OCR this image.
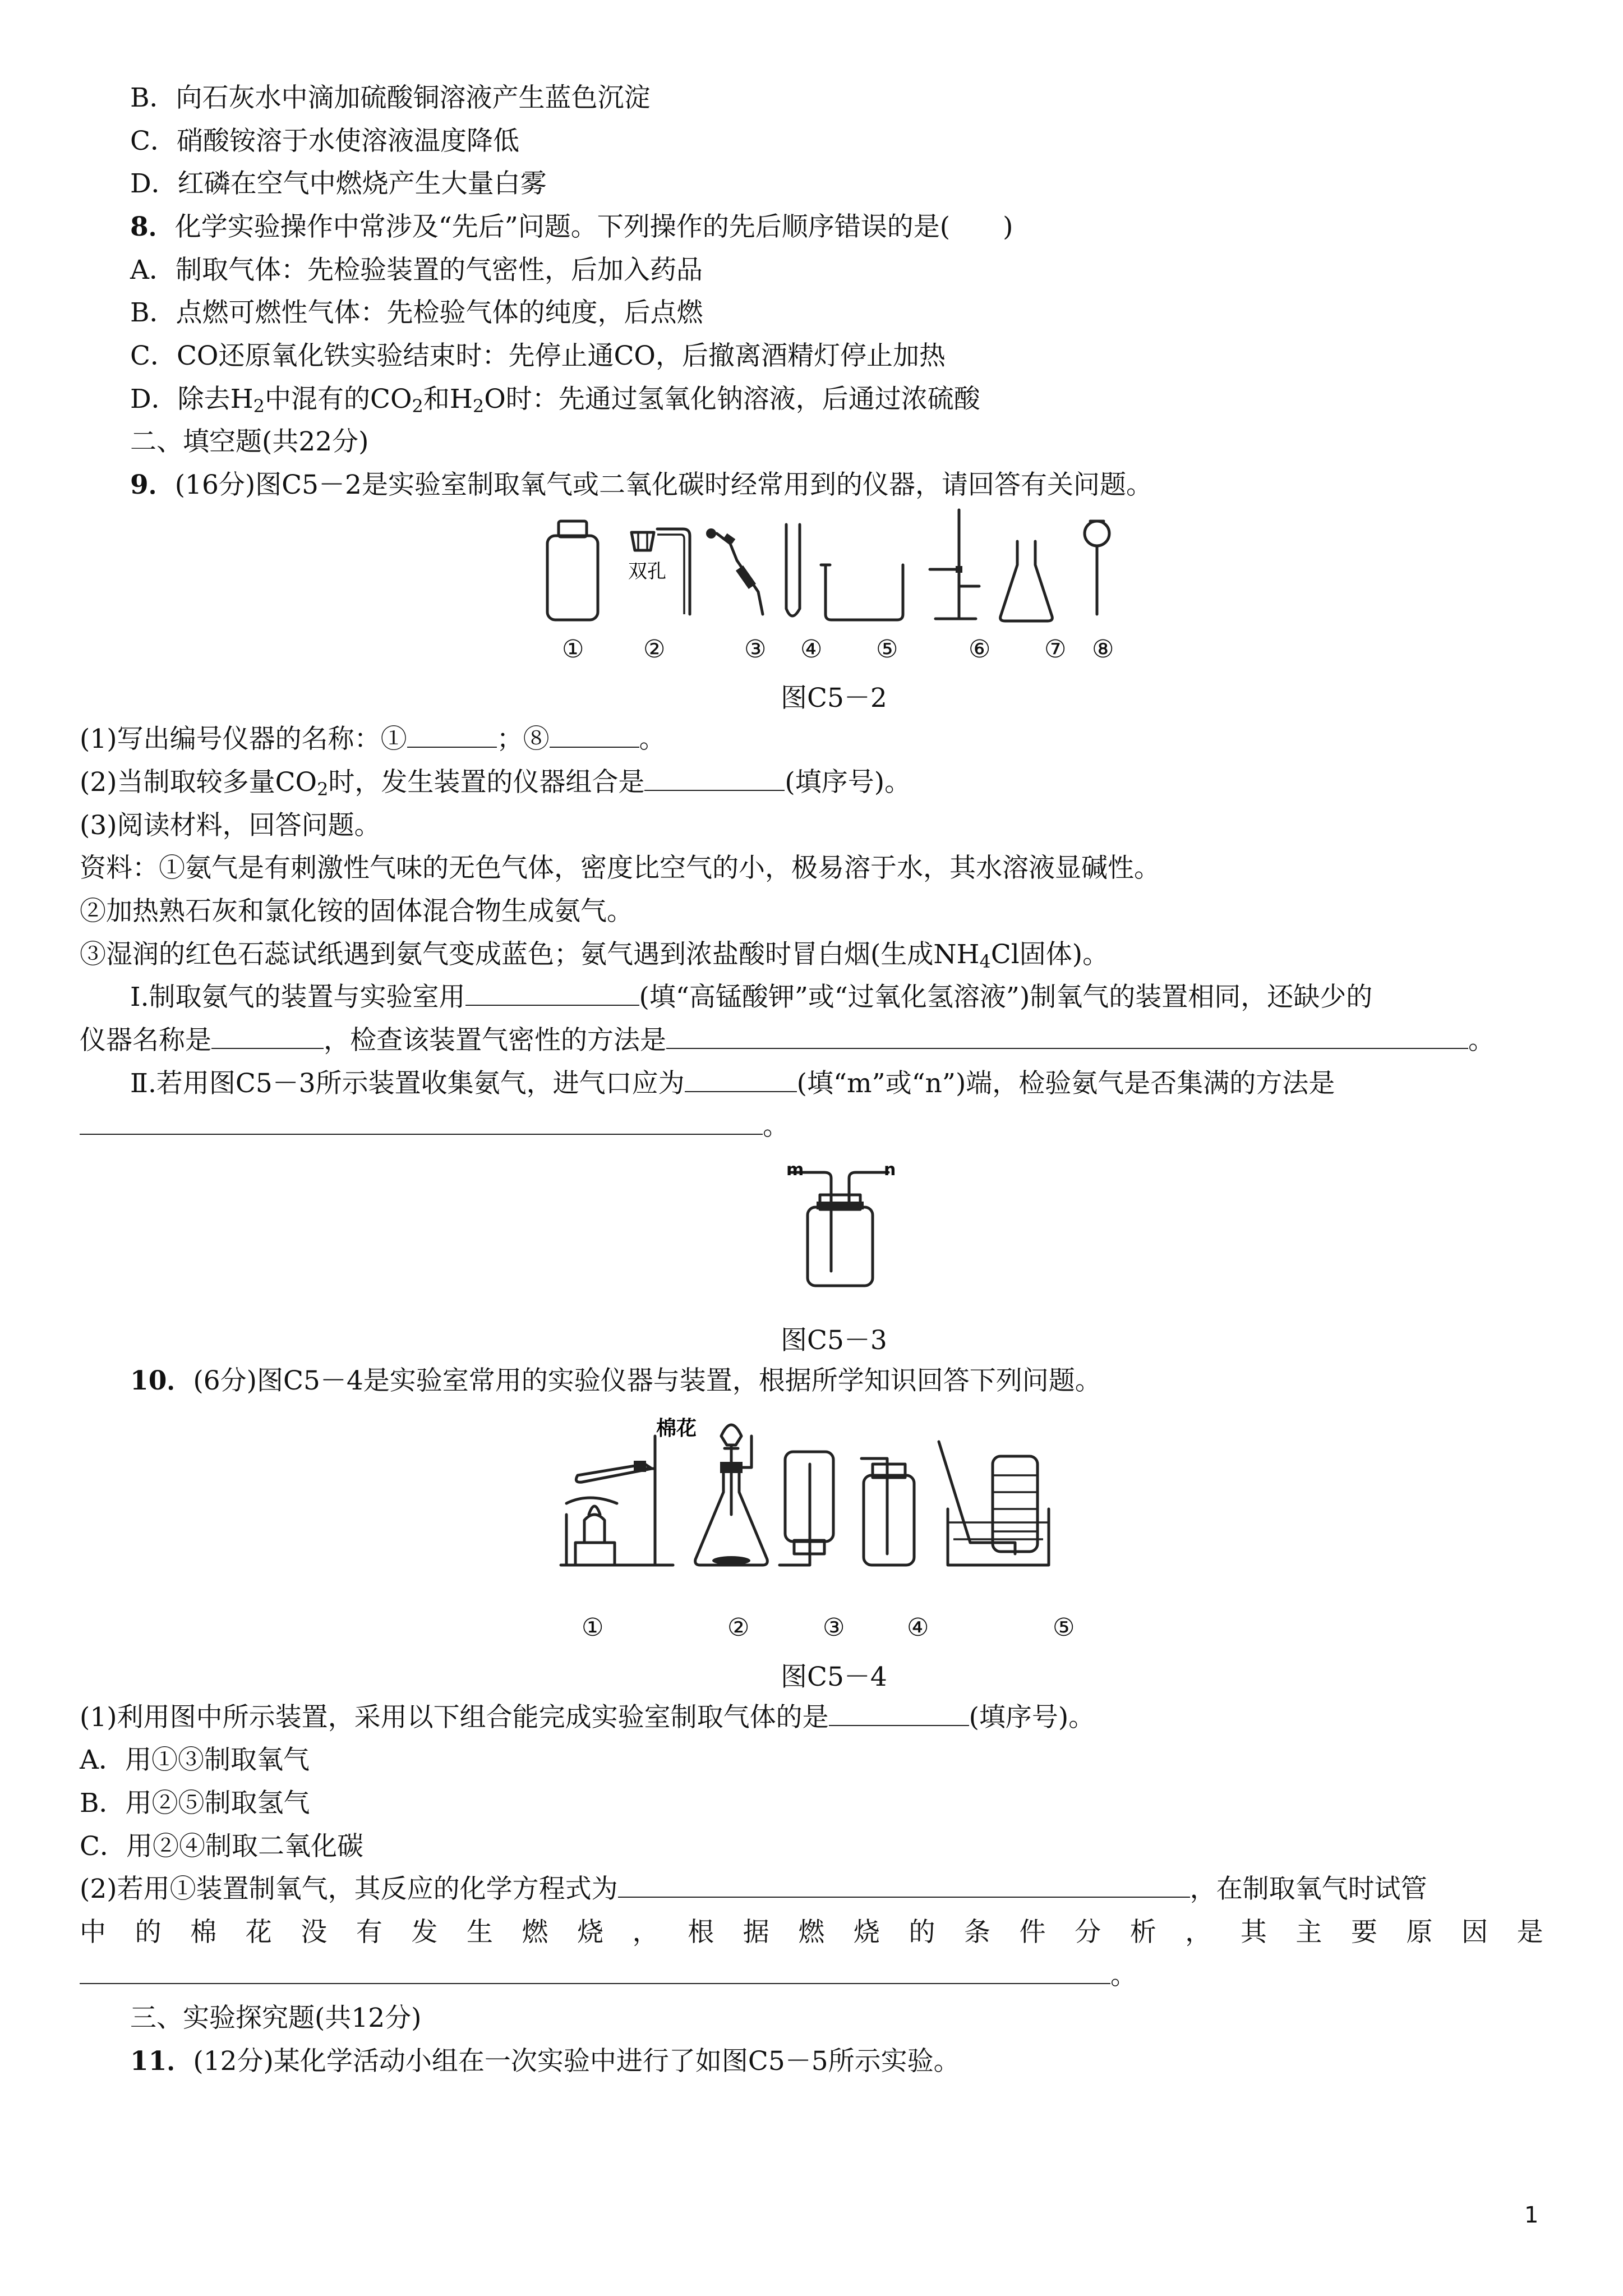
B．向石灰水中滴加硫酸铜溶液产生蓝色沉淀
C．硝酸铵溶于水使溶液温度降低
D．红磷在空气中燃烧产生大量白雾
8．化学实验操作中常涉及“先后”问题。下列操作的先后顺序错误的是(　　)
A．制取气体：先检验装置的气密性，后加入药品
B．点燃可燃性气体：先检验气体的纯度，后点燃
C．CO还原氧化铁实验结束时：先停止通CO，后撤离酒精灯停止加热
D．除去$H_2$中混有的$CO_2$和$H_2O$时：先通过氢氧化钠溶液，后通过浓硫酸
二、填空题(共22分)
9．(16分)图C5－2是实验室制取氧气或二氧化碳时经常用到的仪器，请回答有关问题。
双孔
① ②	③ ④ ⑤	⑥ ⑦ ⑧
图C5－2
(1)写出编号仪器的名称：①	；⑧	。
(2)当制取较多量$CO_2$时，发生装置的仪器组合是	(填序号)。
(3)阅读材料，回答问题。
资料：①氨气是有刺激性气味的无色气体，密度比空气的小，极易溶于水，其水溶液显碱性。
②加热熟石灰和氯化铵的固体混合物生成氨气。
③湿润的红色石蕊试纸遇到氨气变成蓝色；氨气遇到浓盐酸时冒白烟(生成$NH_4Cl$固体)。
Ⅰ.制取氨气的装置与实验室用	(填“高锰酸钾”或“过氧化氢溶液”)制氧气的装置相同，还缺少的
仪器名称是	，检查该装置气密性的方法是	。
Ⅱ.若用图C5－3所示装置收集氨气，进气口应为	(填“m”或“n”)端，检验氨气是否集满的方法是
。
m	n
图C5－3
10．(6分)图C5－4是实验室常用的实验仪器与装置，根据所学知识回答下列问题。
棉花
①	②	③	④	⑤
图C5－4
(1)利用图中所示装置，采用以下组合能完成实验室制取气体的是	(填序号)。
A．用①③制取氧气
B．用②⑤制取氢气
C．用②④制取二氧化碳
(2)若用①装置制氧气，其反应的化学方程式为	，在制取氧气时试管
中 的 棉 花 没 有 发 生 燃 烧 ， 根 据 燃 烧 的 条 件 分 析 ， 其 主 要 原 因 是
。
三、实验探究题(共12分)
11．(12分)某化学活动小组在一次实验中进行了如图C5－5所示实验。
1
